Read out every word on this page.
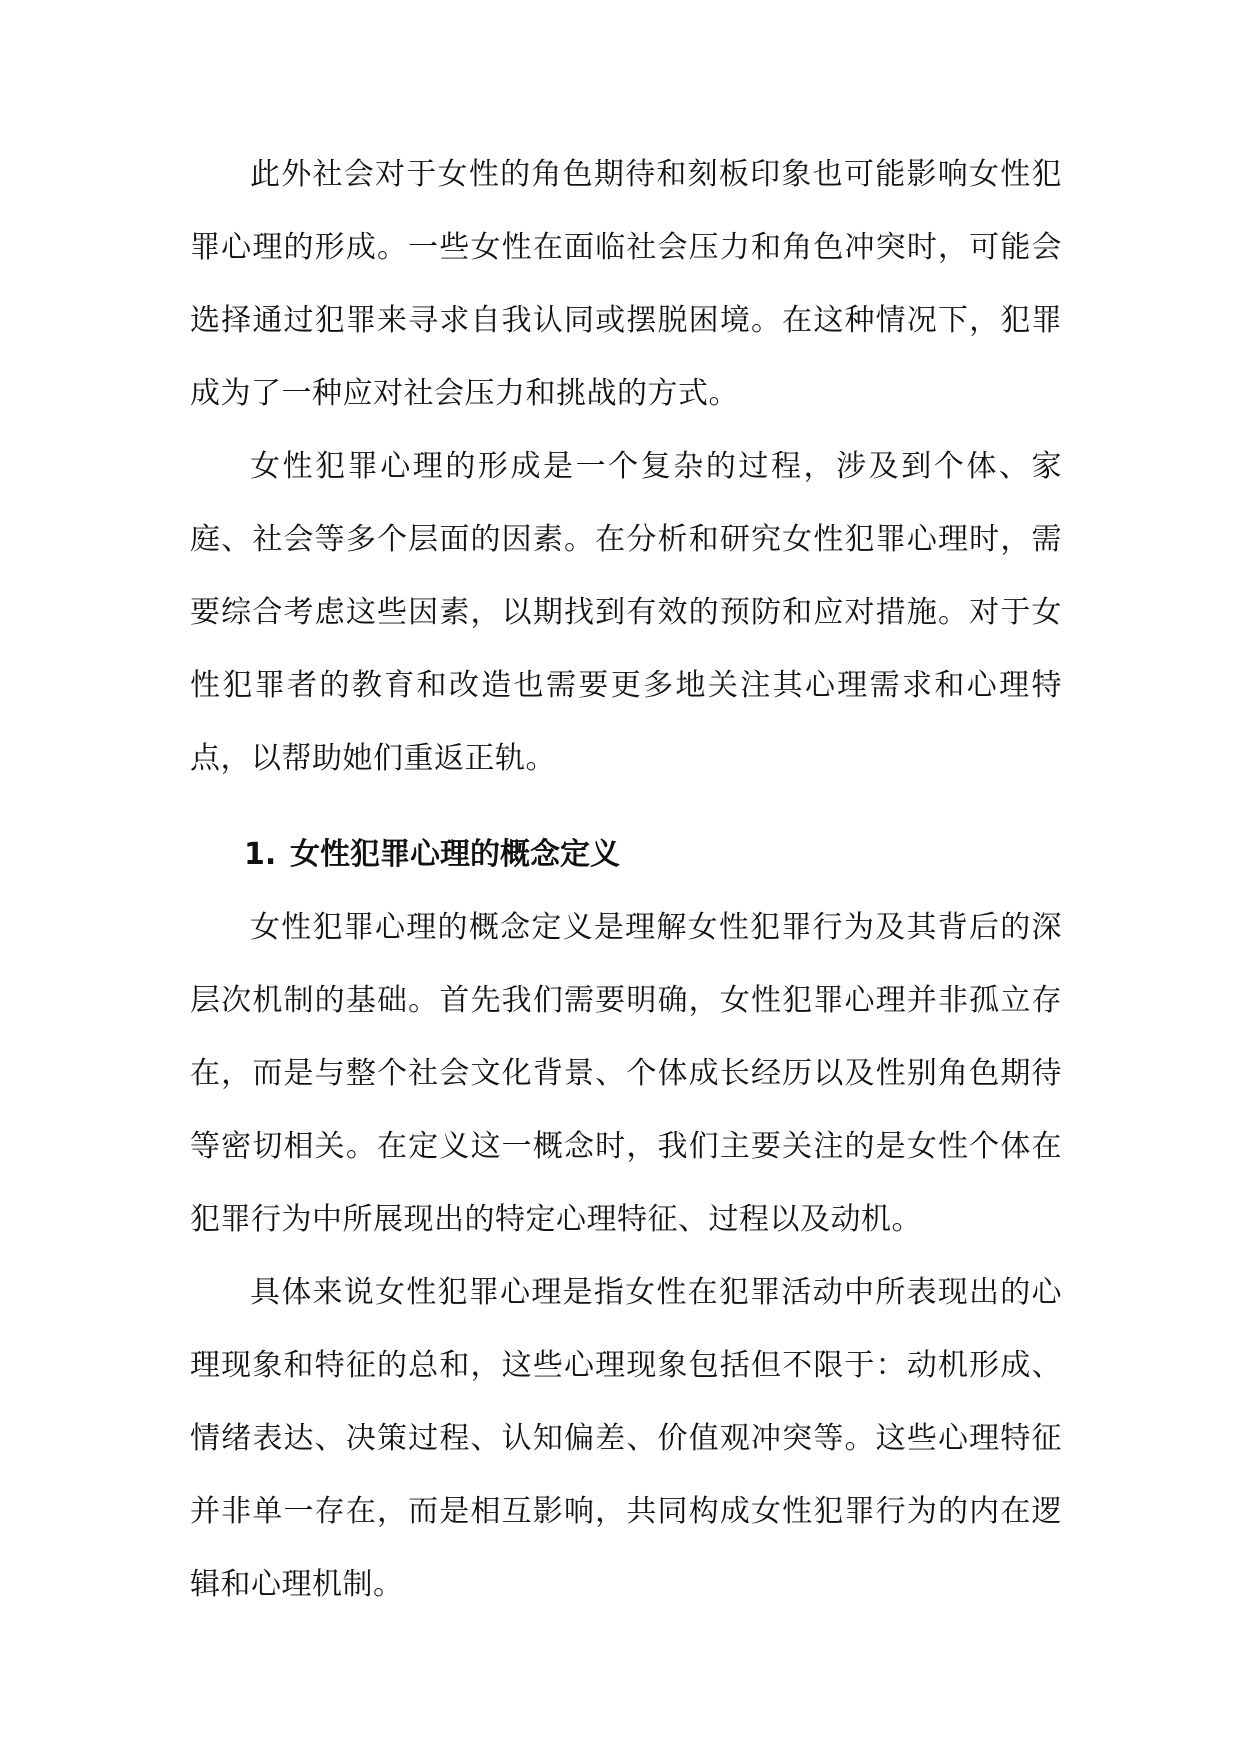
此外社会对于女性的角色期待和刻板印象也可能影响女性犯罪心理的形成。一些女性在面临社会压力和角色冲突时，可能会选择通过犯罪来寻求自我认同或摆脱困境。在这种情况下，犯罪成为了一种应对社会压力和挑战的方式。

女性犯罪心理的形成是一个复杂的过程，涉及到个体、家庭、社会等多个层面的因素。在分析和研究女性犯罪心理时，需要综合考虑这些因素，以期找到有效的预防和应对措施。对于女性犯罪者的教育和改造也需要更多地关注其心理需求和心理特点，以帮助她们重返正轨。

1. 女性犯罪心理的概念定义

女性犯罪心理的概念定义是理解女性犯罪行为及其背后的深层次机制的基础。首先我们需要明确，女性犯罪心理并非孤立存在，而是与整个社会文化背景、个体成长经历以及性别角色期待等密切相关。在定义这一概念时，我们主要关注的是女性个体在犯罪行为中所展现出的特定心理特征、过程以及动机。

具体来说女性犯罪心理是指女性在犯罪活动中所表现出的心理现象和特征的总和，这些心理现象包括但不限于：动机形成、情绪表达、决策过程、认知偏差、价值观冲突等。这些心理特征并非单一存在，而是相互影响，共同构成女性犯罪行为的内在逻辑和心理机制。
